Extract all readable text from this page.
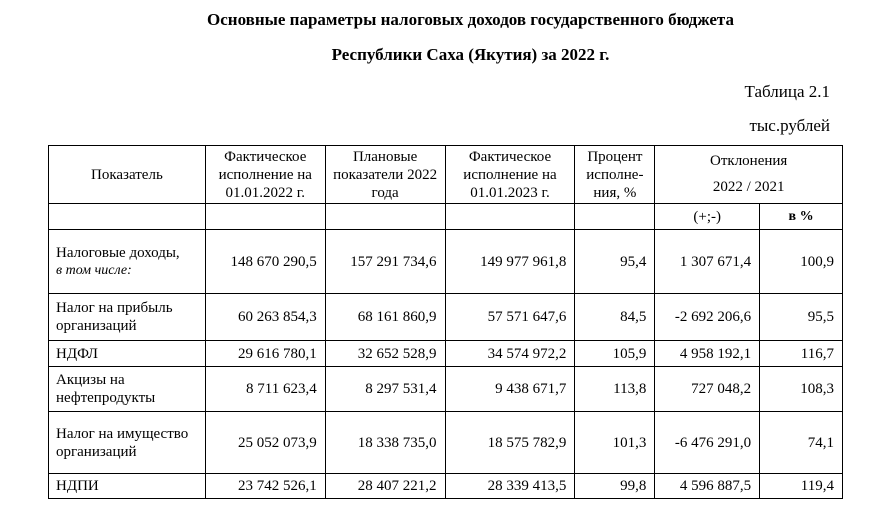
Основные параметры налоговых доходов государственного бюджета
Республики Саха (Якутия) за 2022 г.
Таблица 2.1
тыс.рублей
Показатель	Фактическое исполнение на 01.01.2022 г.	Плановые показатели 2022 года	Фактическое исполнение на 01.01.2023 г.	Процент исполне-ния, %	Отклонения	
					2022 / 2021	
					(+;-)	в %

Налоговые доходы,
в том числе:	148 670 290,5	157 291 734,6	149 977 961,8	95,4	1 307 671,4	100,9
Налог на прибыль организаций	60 263 854,3	68 161 860,9	57 571 647,6	84,5	-2 692 206,6	95,5
НДФЛ	29 616 780,1	32 652 528,9	34 574 972,2	105,9	4 958 192,1	116,7
Акцизы на нефтепродукты	8 711 623,4	8 297 531,4	9 438 671,7	113,8	727 048,2	108,3
Налог на имущество организаций	25 052 073,9	18 338 735,0	18 575 782,9	101,3	-6 476 291,0	74,1
НДПИ	23 742 526,1	28 407 221,2	28 339 413,5	99,8	4 596 887,5	119,4
